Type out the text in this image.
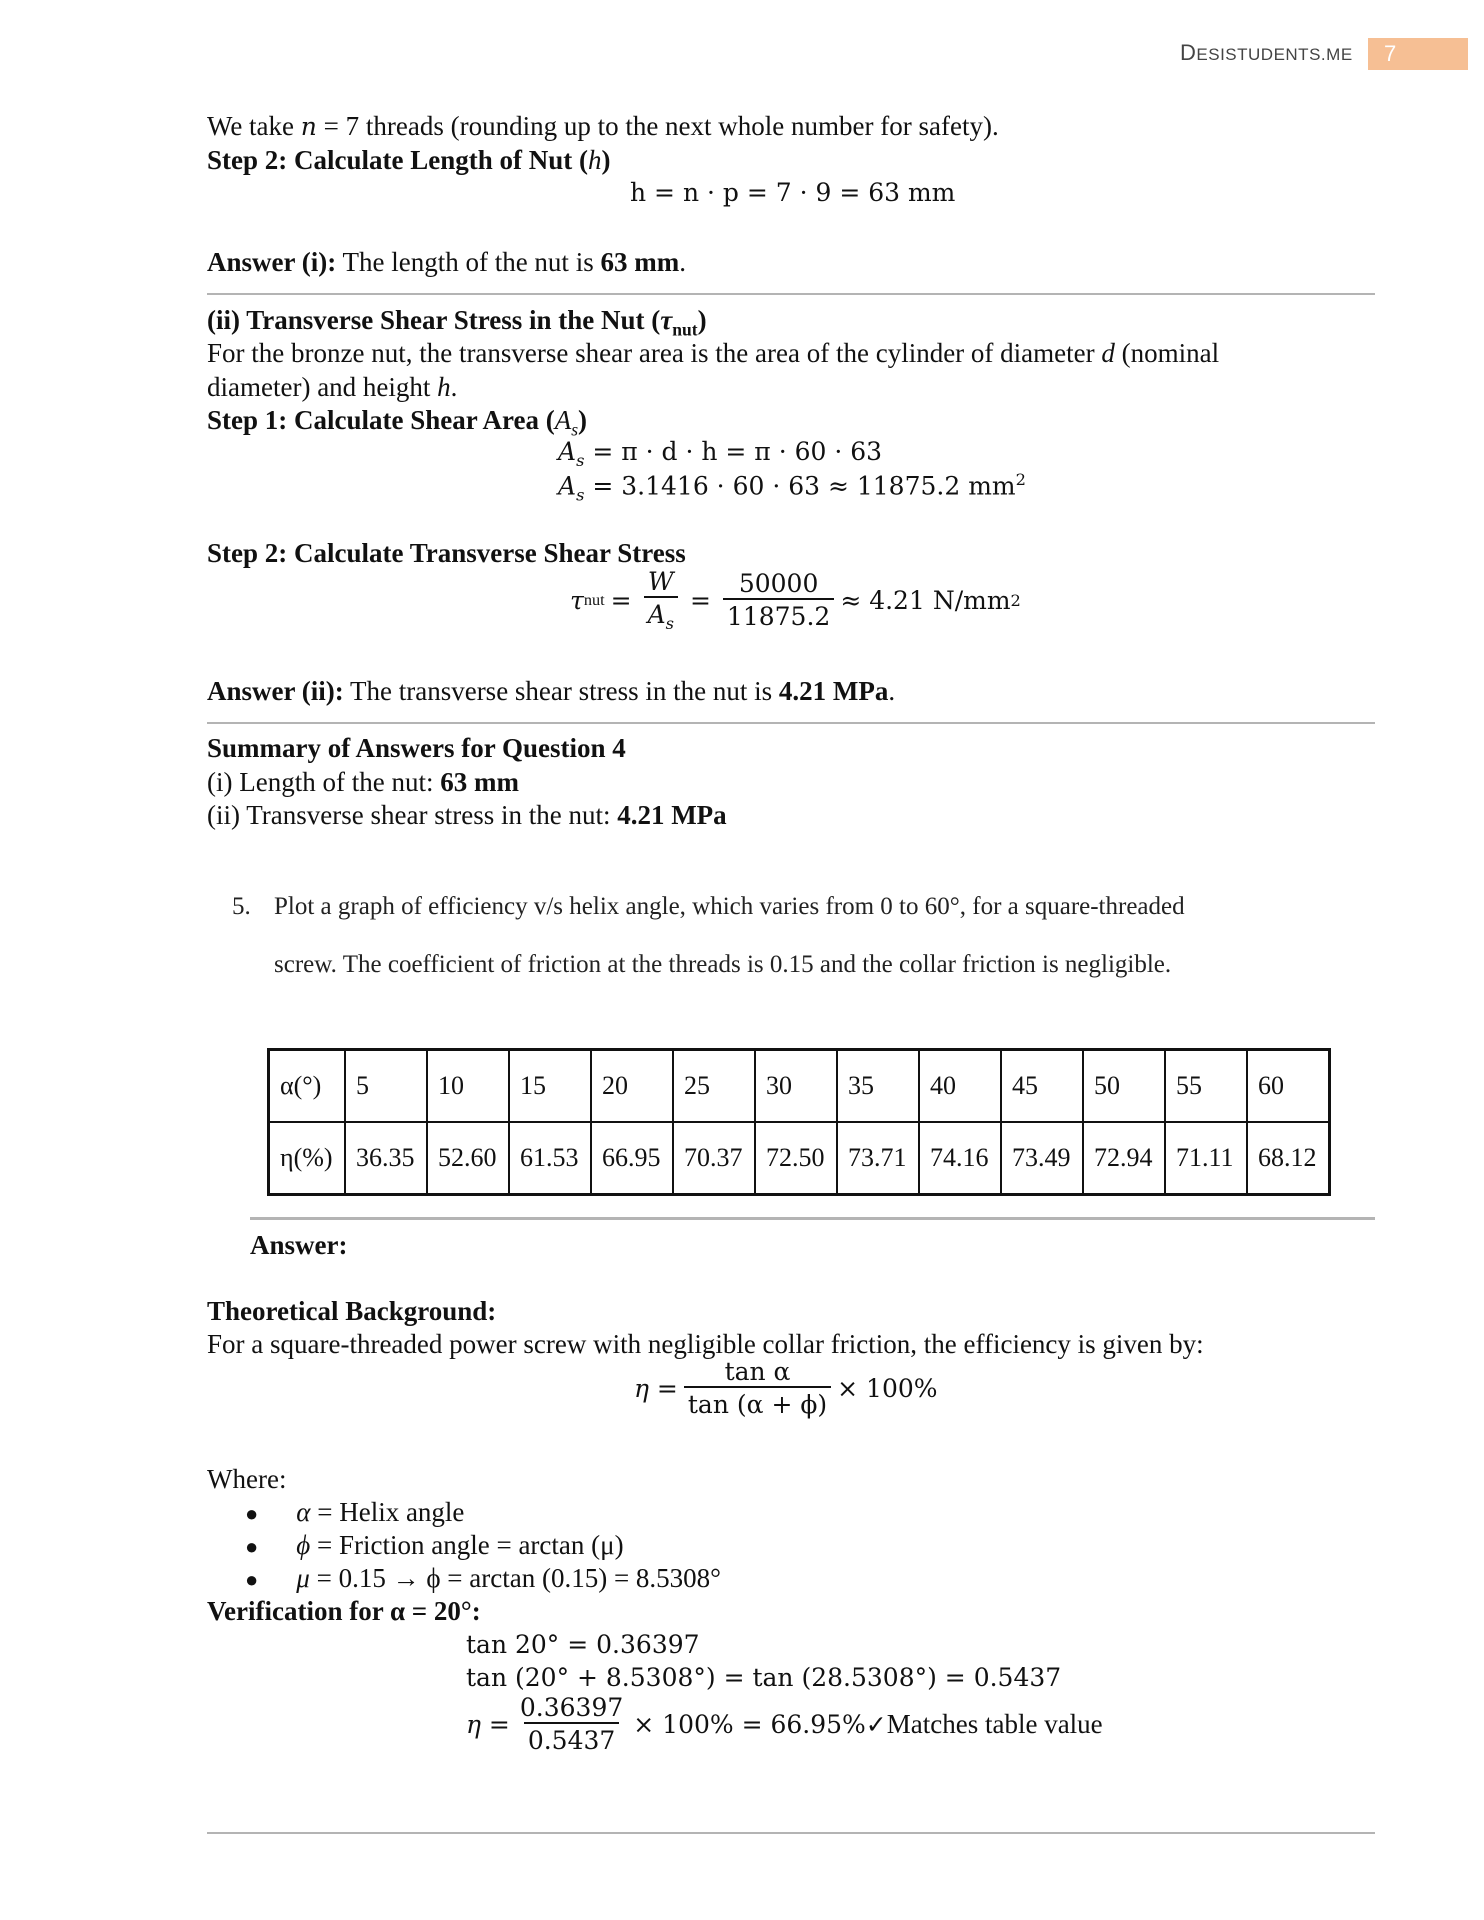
DESISTUDENTS.ME	7
We take n = 7 threads (rounding up to the next whole number for safety).
Step 2: Calculate Length of Nut (h)
h = n · p = 7 · 9 = 63 mm
Answer (i): The length of the nut is 63 mm.
(ii) Transverse Shear Stress in the Nut $(\tau_{nut})$
For the bronze nut, the transverse shear area is the area of the cylinder of diameter d (nominal
diameter) and height h.
Step 1: Calculate Shear Area $(A_s)$
$A_s = \pi \cdot d \cdot h = \pi \cdot 60 \cdot 63$
$A_s = 3.1416 \cdot 60 \cdot 63 \approx 11875.2$ $mm^2$
Step 2: Calculate Transverse Shear Stress
τ nut = $\frac{W}{A_s} = \frac{50000}{11875.2} \approx 4.21$ N/mm 2
Answer (ii): The transverse shear stress in the nut is 4.21 MPa.
Summary of Answers for Question 4
(i) Length of the nut: 63 mm
(ii) Transverse shear stress in the nut: 4.21 MPa
5. Plot a graph of efficiency v/s helix angle, which varies from 0 to 60°, for a square-threaded
screw. The coefficient of friction at the threads is 0.15 and the collar friction is negligible.
α(°)	5	10	15	20	25	30	35	40	45	50	55	60
η(%)	36.35	52.60	61.53	66.95	70.37	72.50	73.71	74.16	73.49	72.94	71.11	68.12
Answer:
Theoretical Background:
For a square-threaded power screw with negligible collar friction, the efficiency is given by:
$\eta = \frac{\text{tan α}}{\tan (\alpha + \phi)} \times 100\%$
Where:
● α = Helix angle
● ϕ = Friction angle = arctan (μ)
● μ = 0.15 → ϕ = arctan (0.15) = 8.5308°
Verification for α = 20°:
tan 20° = 0.36397
tan (20° + 8.5308°) = tan (28.5308°) = 0.5437
$\eta = \frac{0.36397}{0.5437} \times 100\%$ = 66.95%✓ Matches table value
